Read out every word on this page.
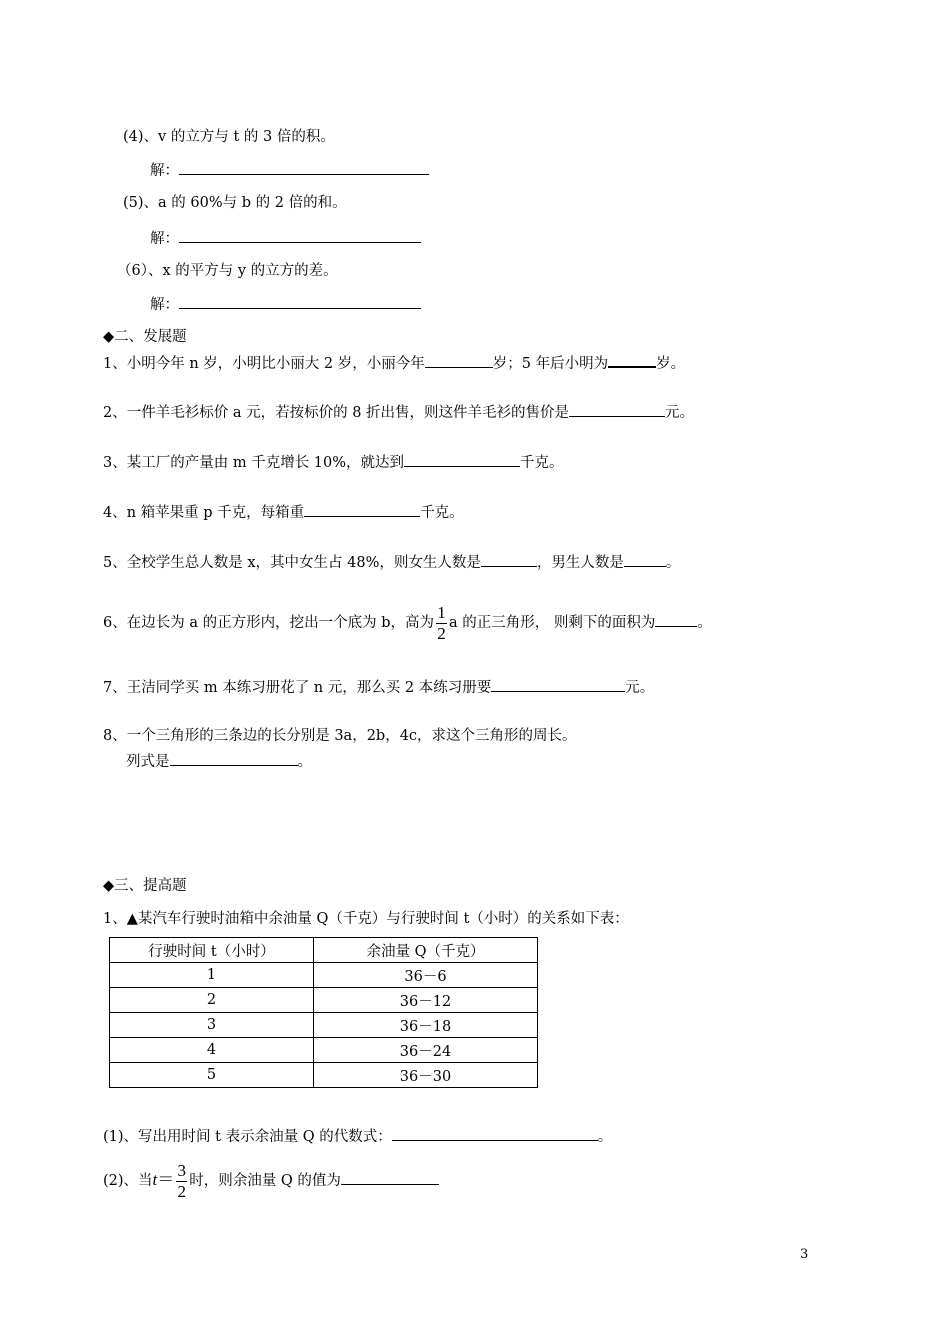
(4)、v 的立方与 t 的 3 倍的积。
解：
(5)、a 的 60%与 b 的 2 倍的和。
解：
（6）、x 的平方与 y 的立方的差。
解：
◆二、发展题
1、小明今年 n 岁，小明比小丽大 2 岁，小丽今年	岁；5 年后小明为	岁。
2、一件羊毛衫标价 a 元，若按标价的 8 折出售，则这件羊毛衫的售价是	元。
3、某工厂的产量由 m 千克增长 10%，就达到	千克。
4、n 箱苹果重 p 千克，每箱重	千克。
5、全校学生总人数是 x，其中女生占 48%，则女生人数是	，男生人数是	。
6、在边长为 a 的正方形内，挖出一个底为 b，高为 $\frac{1}{2}$ a 的正三角形， 则剩下的面积为	。
7、王洁同学买 m 本练习册花了 n 元，那么买 2 本练习册要	元。
8、一个三角形的三条边的长分别是 3a，2b，4c，求这个三角形的周长。
列式是	。
◆三、提高题
1、▲某汽车行驶时油箱中余油量 Q（千克）与行驶时间 t（小时）的关系如下表：
行驶时间 t（小时）	余油量 Q（千克）
1	36－6
2	36－12
3	36－18
4	36－24
5	36－30
(1)、写出用时间 t 表示余油量 Q 的代数式：	。
(2)、当$t= \frac{3}{2}$ 时，则余油量 Q 的值为
3
